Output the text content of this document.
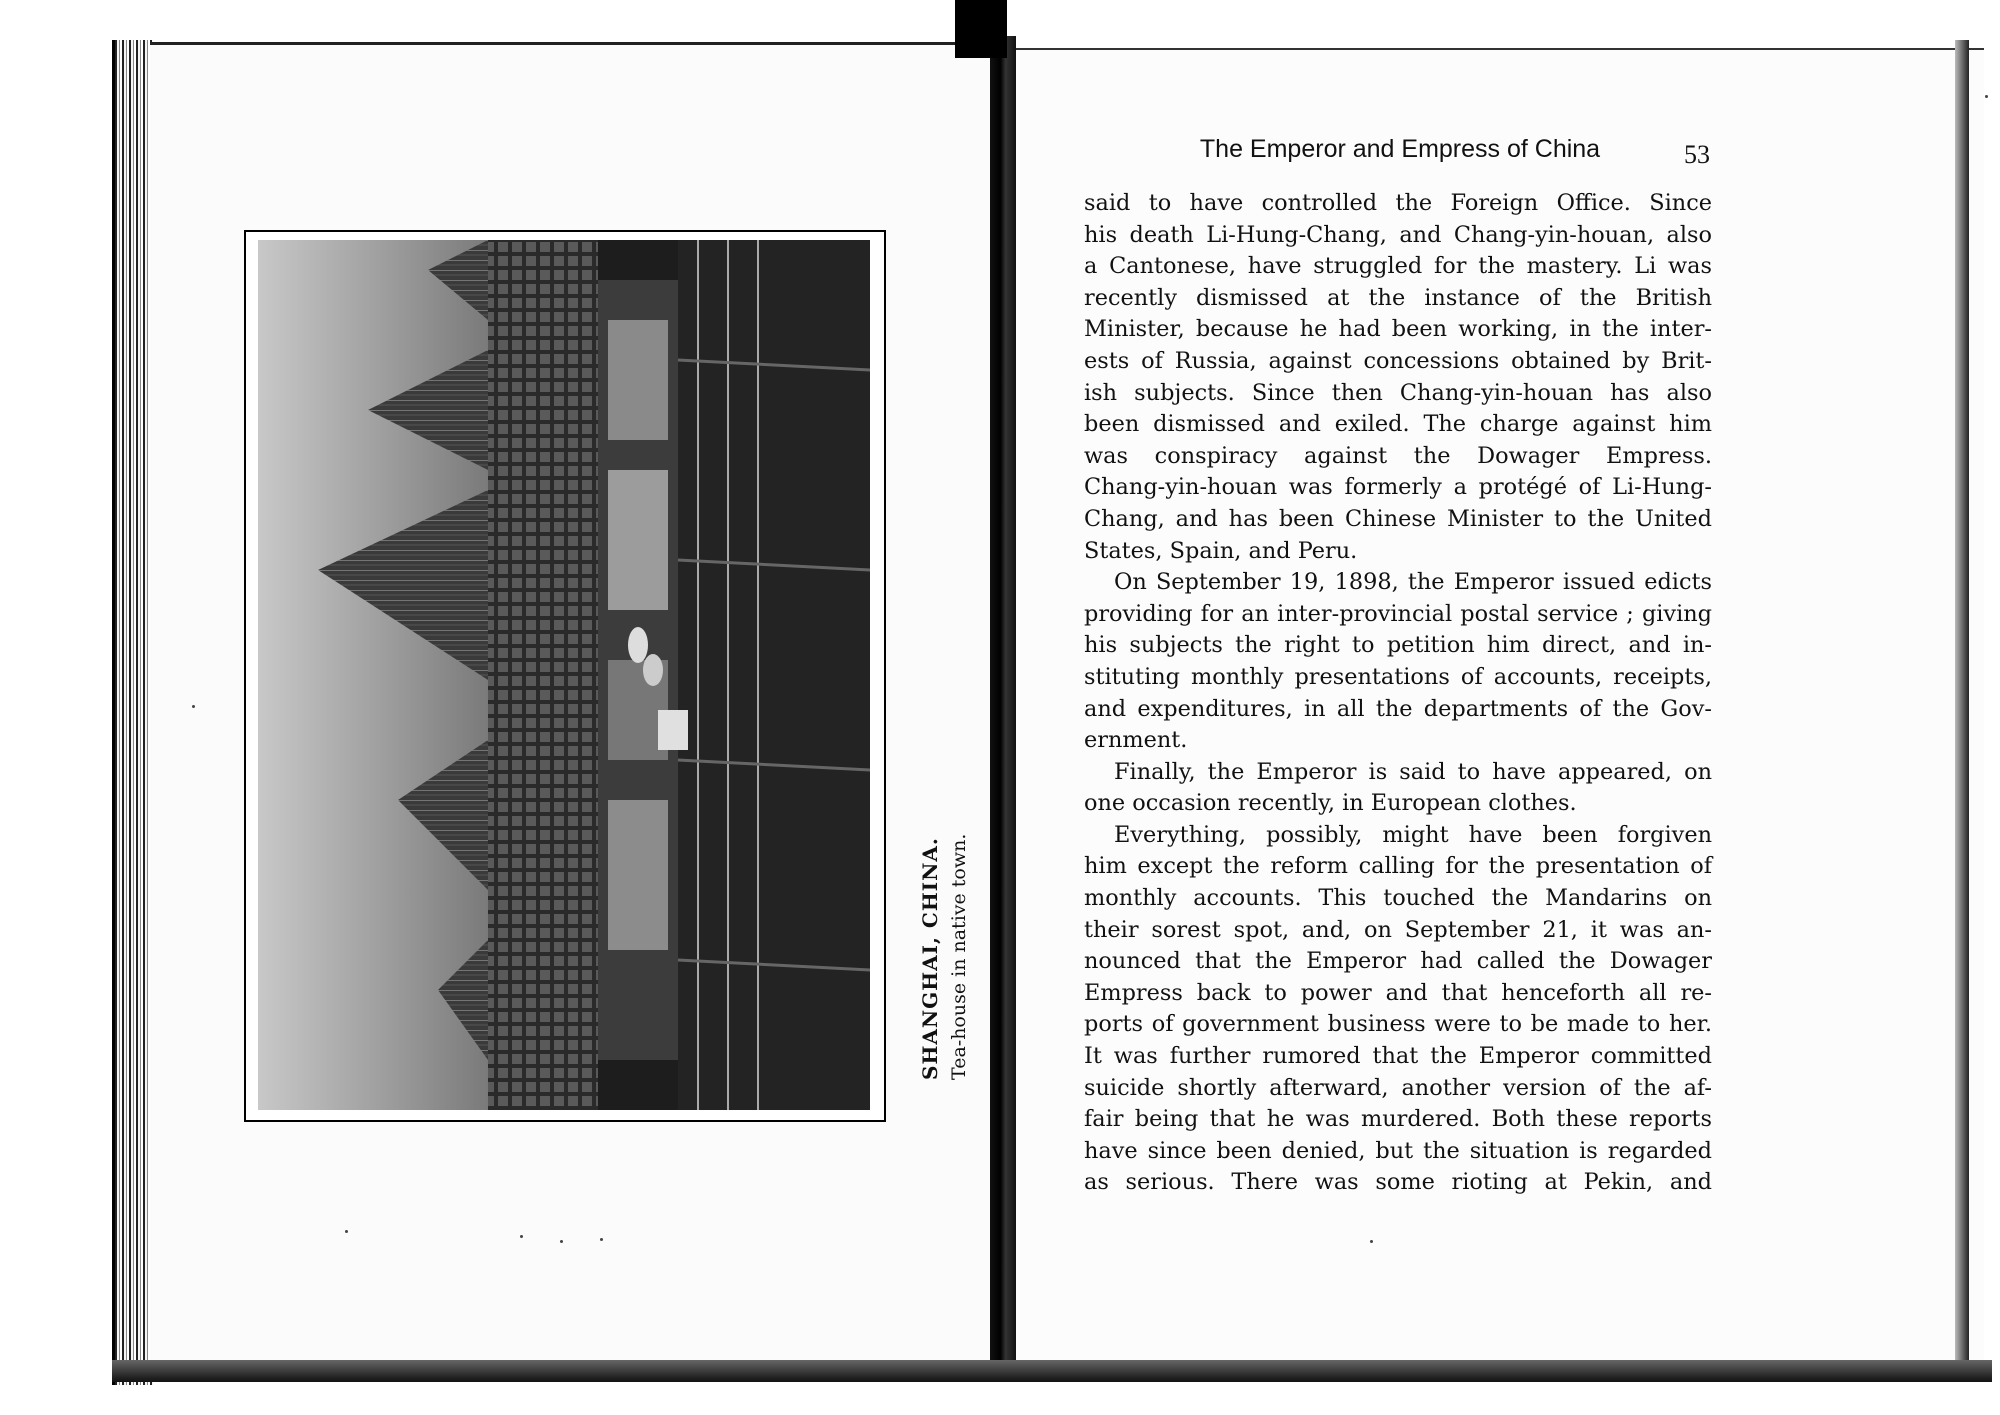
SHANGHAI, CHINA. Tea-house in native town.
The Emperor and Empress of China	53
said to have controlled the Foreign Office. Since
his death Li-Hung-Chang, and Chang-yin-houan, also
a Cantonese, have struggled for the mastery. Li was
recently dismissed at the instance of the British
Minister, because he had been working, in the inter-
ests of Russia, against concessions obtained by Brit-
ish subjects. Since then Chang-yin-houan has also
been dismissed and exiled. The charge against him
was conspiracy against the Dowager Empress.
Chang-yin-houan was formerly a protégé of Li-Hung-
Chang, and has been Chinese Minister to the United
States, Spain, and Peru.
On September 19, 1898, the Emperor issued edicts
providing for an inter-provincial postal service ; giving
his subjects the right to petition him direct, and in-
stituting monthly presentations of accounts, receipts,
and expenditures, in all the departments of the Gov-
ernment.
Finally, the Emperor is said to have appeared, on
one occasion recently, in European clothes.
Everything, possibly, might have been forgiven
him except the reform calling for the presentation of
monthly accounts. This touched the Mandarins on
their sorest spot, and, on September 21, it was an-
nounced that the Emperor had called the Dowager
Empress back to power and that henceforth all re-
ports of government business were to be made to her.
It was further rumored that the Emperor committed
suicide shortly afterward, another version of the af-
fair being that he was murdered. Both these reports
have since been denied, but the situation is regarded
as serious. There was some rioting at Pekin, and
